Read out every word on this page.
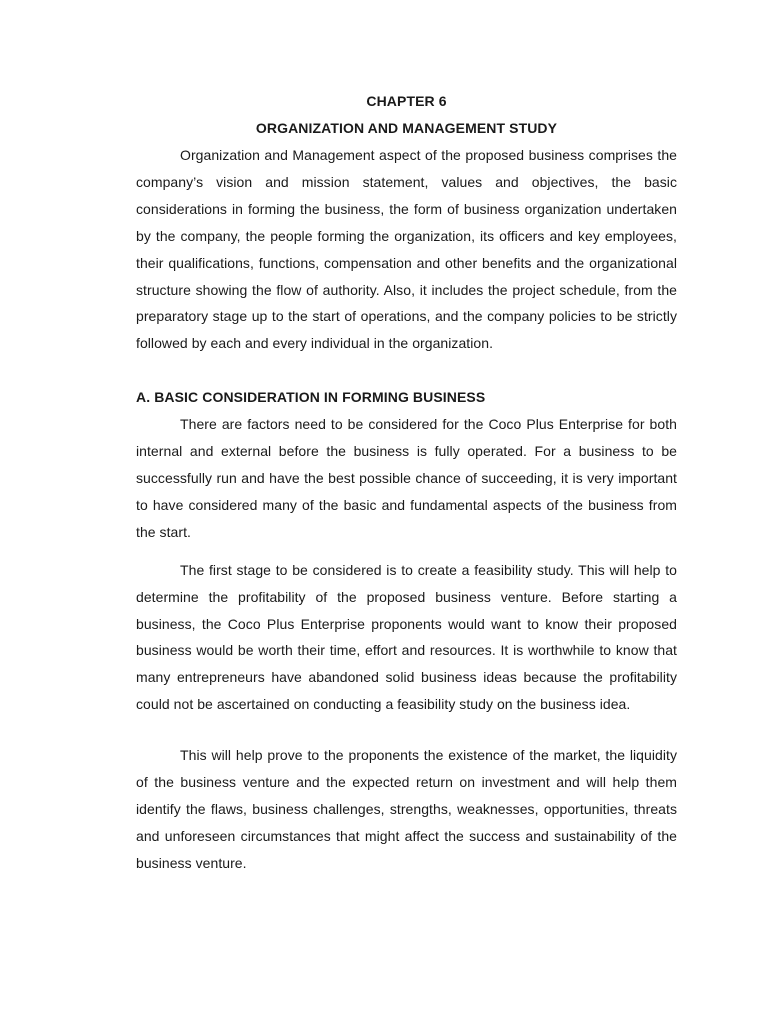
CHAPTER 6
ORGANIZATION AND MANAGEMENT STUDY

Organization and Management aspect of the proposed business comprises the company’s vision and mission statement, values and objectives, the basic considerations in forming the business, the form of business organization undertaken by the company, the people forming the organization, its officers and key employees, their qualifications, functions, compensation and other benefits and the organizational structure showing the flow of authority. Also, it includes the project schedule, from the preparatory stage up to the start of operations, and the company policies to be strictly followed by each and every individual in the organization.

A. BASIC CONSIDERATION IN FORMING BUSINESS

There are factors need to be considered for the Coco Plus Enterprise for both internal and external before the business is fully operated. For a business to be successfully run and have the best possible chance of succeeding, it is very important to have considered many of the basic and fundamental aspects of the business from the start.

The first stage to be considered is to create a feasibility study. This will help to determine the profitability of the proposed business venture. Before starting a business, the Coco Plus Enterprise proponents would want to know their proposed business would be worth their time, effort and resources. It is worthwhile to know that many entrepreneurs have abandoned solid business ideas because the profitability could not be ascertained on conducting a feasibility study on the business idea.

This will help prove to the proponents the existence of the market, the liquidity of the business venture and the expected return on investment and will help them identify the flaws, business challenges, strengths, weaknesses, opportunities, threats and unforeseen circumstances that might affect the success and sustainability of the business venture.
